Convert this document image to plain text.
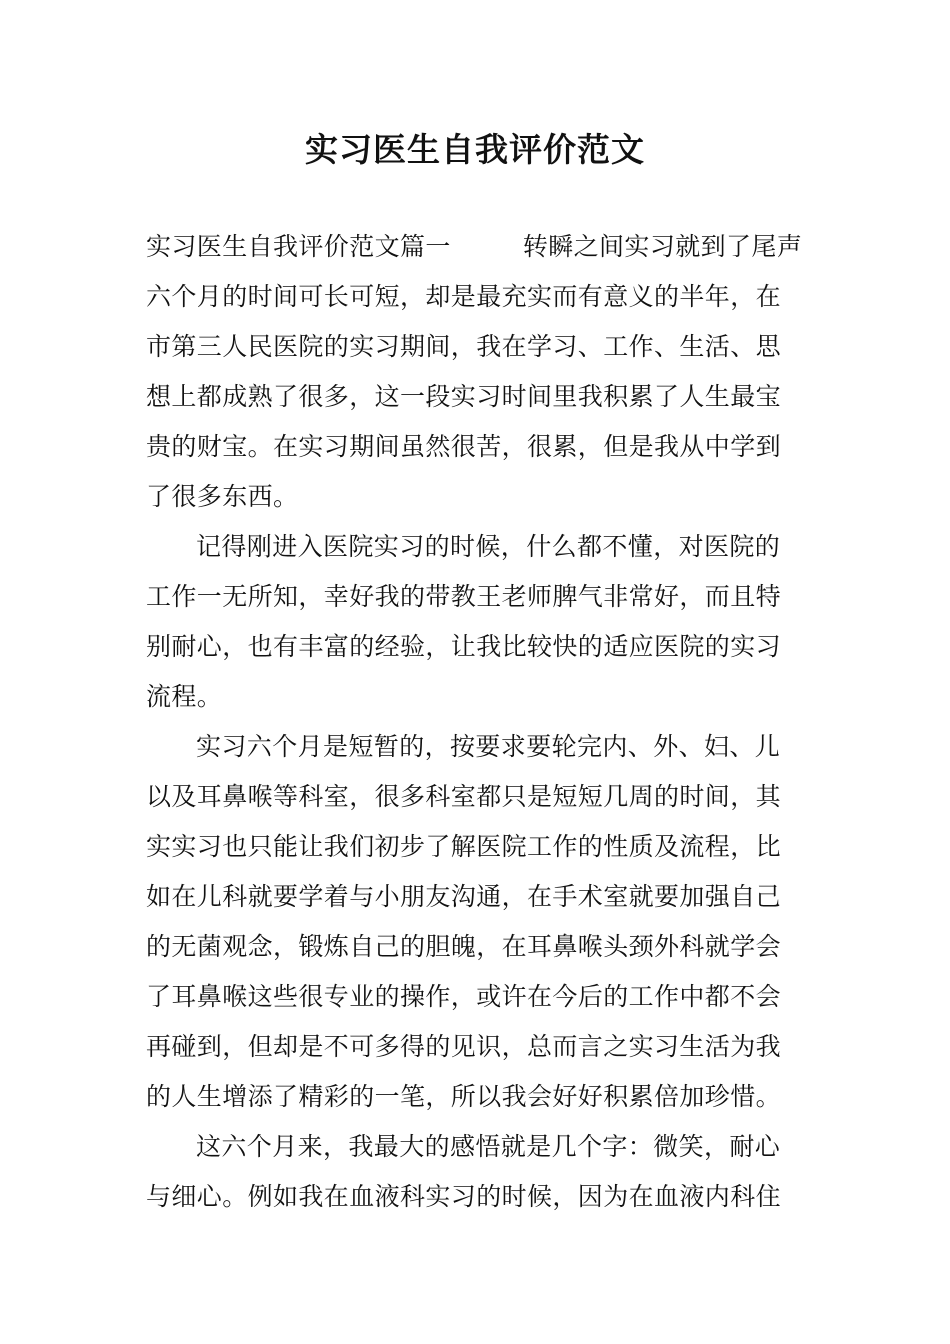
实习医生自我评价范文
实习医生自我评价范文篇一	转瞬之间实习就到了尾声
六个月的时间可长可短，却是最充实而有意义的半年，在
市第三人民医院的实习期间，我在学习、工作、生活、思
想上都成熟了很多，这一段实习时间里我积累了人生最宝
贵的财宝。在实习期间虽然很苦，很累，但是我从中学到
了很多东西。
记得刚进入医院实习的时候，什么都不懂，对医院的
工作一无所知，幸好我的带教王老师脾气非常好，而且特
别耐心，也有丰富的经验，让我比较快的适应医院的实习
流程。
实习六个月是短暂的，按要求要轮完内、外、妇、儿
以及耳鼻喉等科室，很多科室都只是短短几周的时间，其
实实习也只能让我们初步了解医院工作的性质及流程，比
如在儿科就要学着与小朋友沟通，在手术室就要加强自己
的无菌观念，锻炼自己的胆魄，在耳鼻喉头颈外科就学会
了耳鼻喉这些很专业的操作，或许在今后的工作中都不会
再碰到，但却是不可多得的见识，总而言之实习生活为我
的人生增添了精彩的一笔，所以我会好好积累倍加珍惜。
这六个月来，我最大的感悟就是几个字：微笑，耐心
与细心。例如我在血液科实习的时候，因为在血液内科住
